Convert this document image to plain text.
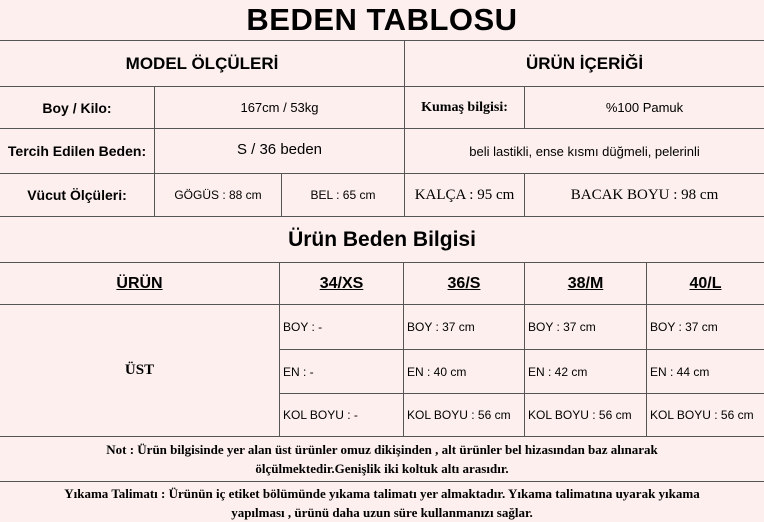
BEDEN TABLOSU
MODEL ÖLÇÜLERİ	ÜRÜN İÇERİĞİ
Boy / Kilo:	167cm / 53kg	Kumaş bilgisi:	%100 Pamuk
Tercih Edilen Beden:	S / 36 beden	beli lastikli, ense kısmı düğmeli, pelerinli
Vücut Ölçüleri:	GÖGÜS : 88 cm	BEL : 65 cm	KALÇA : 95 cm	BACAK BOYU : 98 cm
Ürün Beden Bilgisi
ÜRÜN	34/XS	36/S	38/M	40/L
ÜST
BOY : -	BOY : 37 cm	BOY : 37 cm	BOY : 37 cm
EN : -	EN : 40 cm	EN : 42 cm	EN : 44 cm
KOL BOYU : -	KOL BOYU : 56 cm	KOL BOYU : 56 cm	KOL BOYU : 56 cm
Not : Ürün bilgisinde yer alan üst ürünler omuz dikişinden , alt ürünler bel hizasından baz alınarak
ölçülmektedir.Genişlik iki koltuk altı arasıdır.
Yıkama Talimatı : Ürünün iç etiket bölümünde yıkama talimatı yer almaktadır. Yıkama talimatına uyarak yıkama
yapılması , ürünü daha uzun süre kullanmanızı sağlar.
